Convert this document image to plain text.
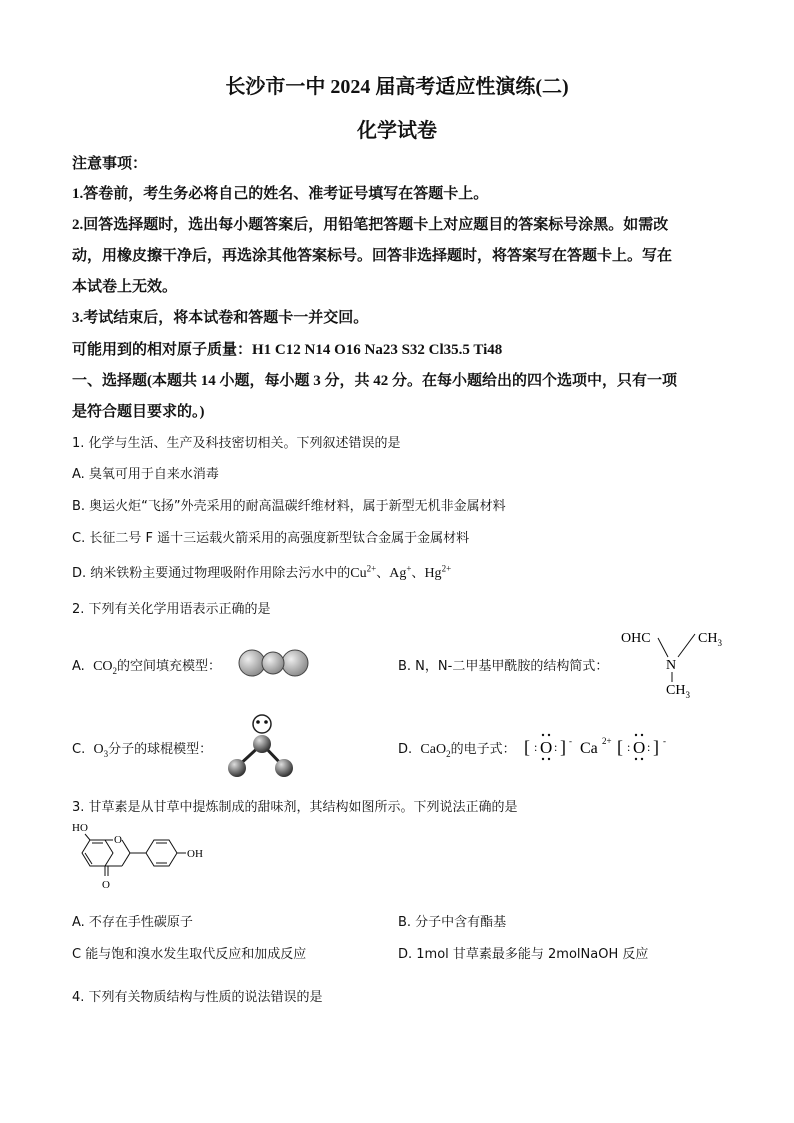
长沙市一中 2024 届高考适应性演练(二)
化学试卷
注意事项：
1.答卷前，考生务必将自己的姓名、准考证号填写在答题卡上。
2.回答选择题时，选出每小题答案后，用铅笔把答题卡上对应题目的答案标号涂黑。如需改
动，用橡皮擦干净后，再选涂其他答案标号。回答非选择题时，将答案写在答题卡上。写在
本试卷上无效。
3.考试结束后，将本试卷和答题卡一并交回。
可能用到的相对原子质量：H1 C12 N14 O16 Na23 S32 Cl35.5 Ti48
一、选择题(本题共 14 小题，每小题 3 分，共 42 分。在每小题给出的四个选项中，只有一项
是符合题目要求的。)
1. 化学与生活、生产及科技密切相关。下列叙述错误的是
A. 臭氧可用于自来水消毒
B. 奥运火炬“飞扬”外壳采用的耐高温碳纤维材料，属于新型无机非金属材料
C. 长征二号 F 遥十三运载火箭采用的高强度新型钛合金属于金属材料
D. 纳米铁粉主要通过物理吸附作用除去污水中的$Cu^{2+}$、Ag+、$Hg^{2+}$
2. 下列有关化学用语表示正确的是
A. $CO_2$的空间填充模型：	B. N，N-二甲基甲酰胺的结构简式：
OHC
N
$CH_3$
$CH_3$
C. $O_3$分子的球棍模型：	D. CaO$_2$的电子式： [ : O : ] - Ca 2+ [ : O : ] -
3. 甘草素是从甘草中提炼制成的甜味剂，其结构如图所示。下列说法正确的是
HO
O
O
OH
A. 不存在手性碳原子	B. 分子中含有酯基
C 能与饱和溴水发生取代反应和加成反应	D. 1mol 甘草素最多能与 2molNaOH 反应
4. 下列有关物质结构与性质的说法错误的是
